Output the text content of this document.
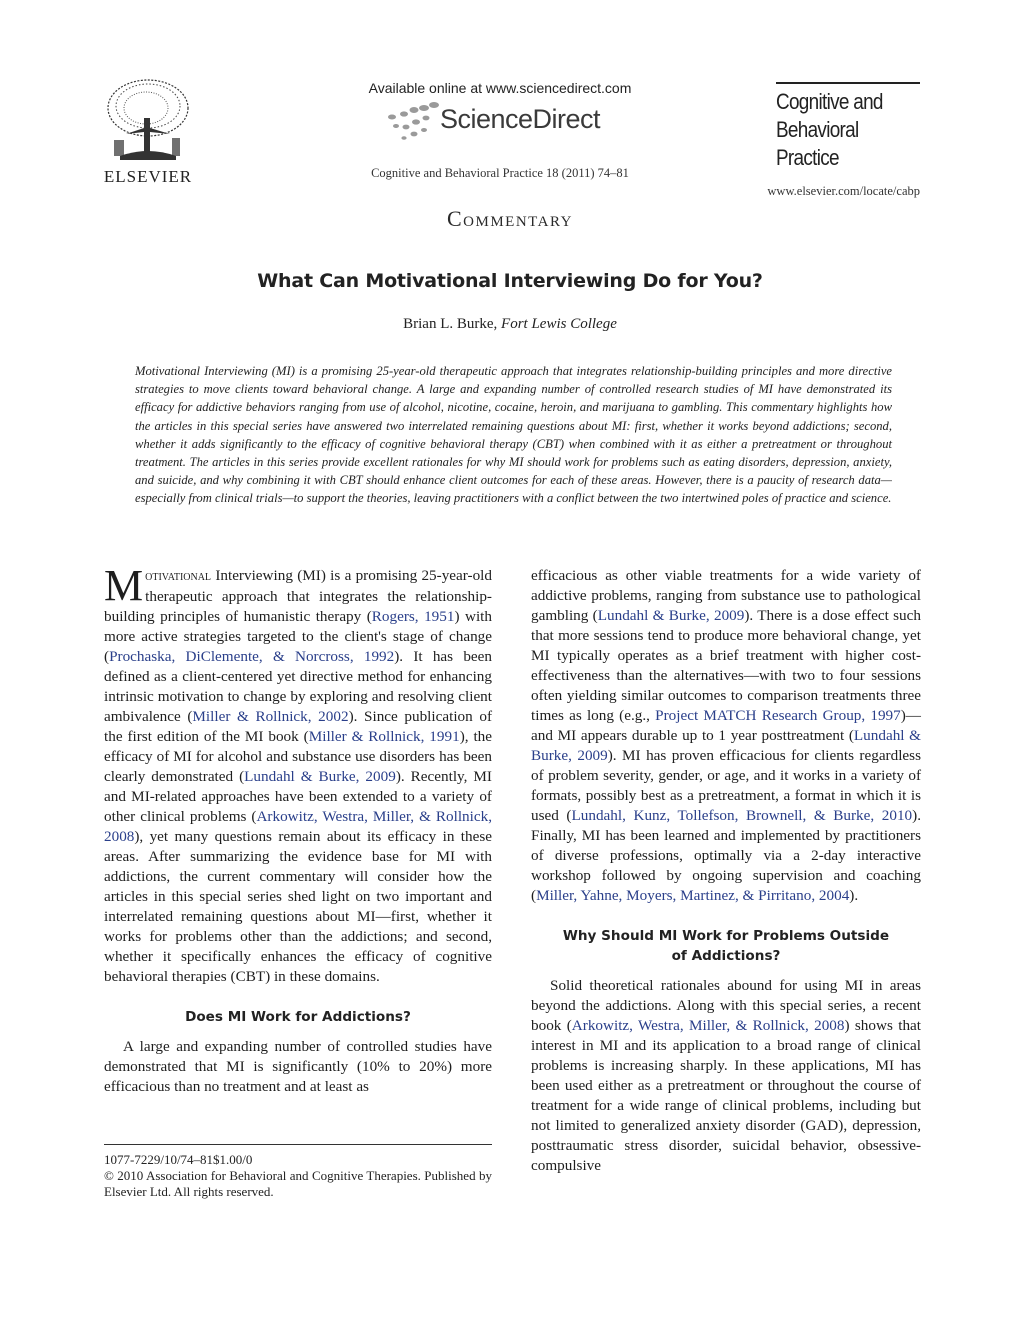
ELSEVIER
Available online at www.sciencedirect.com
ScienceDirect
Cognitive and Behavioral Practice 18 (2011) 74–81
Cognitive and
Behavioral
Practice
www.elsevier.com/locate/cabp
Commentary
What Can Motivational Interviewing Do for You?
Brian L. Burke, Fort Lewis College
Motivational Interviewing (MI) is a promising 25-year-old therapeutic approach that integrates relationship-building principles and more directive strategies to move clients toward behavioral change. A large and expanding number of controlled research studies of MI have demonstrated its efficacy for addictive behaviors ranging from use of alcohol, nicotine, cocaine, heroin, and marijuana to gambling. This commentary highlights how the articles in this special series have answered two interrelated remaining questions about MI: first, whether it works beyond addictions; second, whether it adds significantly to the efficacy of cognitive behavioral therapy (CBT) when combined with it as either a pretreatment or throughout treatment. The articles in this series provide excellent rationales for why MI should work for problems such as eating disorders, depression, anxiety, and suicide, and why combining it with CBT should enhance client outcomes for each of these areas. However, there is a paucity of research data—especially from clinical trials—to support the theories, leaving practitioners with a conflict between the two intertwined poles of practice and science.

Motivational Interviewing (MI) is a promising 25-year-old therapeutic approach that integrates the relationship-building principles of humanistic therapy (Rogers, 1951) with more active strategies targeted to the client's stage of change (Prochaska, DiClemente, & Norcross, 1992). It has been defined as a client-centered yet directive method for enhancing intrinsic motivation to change by exploring and resolving client ambivalence (Miller & Rollnick, 2002). Since publication of the first edition of the MI book (Miller & Rollnick, 1991), the efficacy of MI for alcohol and substance use disorders has been clearly demonstrated (Lundahl & Burke, 2009). Recently, MI and MI-related approaches have been extended to a variety of other clinical problems (Arkowitz, Westra, Miller, & Rollnick, 2008), yet many questions remain about its efficacy in these areas. After summarizing the evidence base for MI with addictions, the current commentary will consider how the articles in this special series shed light on two important and interrelated remaining questions about MI—first, whether it works for problems other than the addictions; and second, whether it specifically enhances the efficacy of cognitive behavioral therapies (CBT) in these domains.

Does MI Work for Addictions?

A large and expanding number of controlled studies have demonstrated that MI is significantly (10% to 20%) more efficacious than no treatment and at least as

1077-7229/10/74–81$1.00/0
© 2010 Association for Behavioral and Cognitive Therapies. Published by Elsevier Ltd. All rights reserved.

efficacious as other viable treatments for a wide variety of addictive problems, ranging from substance use to pathological gambling (Lundahl & Burke, 2009). There is a dose effect such that more sessions tend to produce more behavioral change, yet MI typically operates as a brief treatment with higher cost-effectiveness than the alternatives—with two to four sessions often yielding similar outcomes to comparison treatments three times as long (e.g., Project MATCH Research Group, 1997)—and MI appears durable up to 1 year posttreatment (Lundahl & Burke, 2009). MI has proven efficacious for clients regardless of problem severity, gender, or age, and it works in a variety of formats, possibly best as a pretreatment, a format in which it is used (Lundahl, Kunz, Tollefson, Brownell, & Burke, 2010). Finally, MI has been learned and implemented by practitioners of diverse professions, optimally via a 2-day interactive workshop followed by ongoing supervision and coaching (Miller, Yahne, Moyers, Martinez, & Pirritano, 2004).

Why Should MI Work for Problems Outside
of Addictions?

Solid theoretical rationales abound for using MI in areas beyond the addictions. Along with this special series, a recent book (Arkowitz, Westra, Miller, & Rollnick, 2008) shows that interest in MI and its application to a broad range of clinical problems is increasing sharply. In these applications, MI has been used either as a pretreatment or throughout the course of treatment for a wide range of clinical problems, including but not limited to generalized anxiety disorder (GAD), depression, posttraumatic stress disorder, suicidal behavior, obsessive-compulsive
